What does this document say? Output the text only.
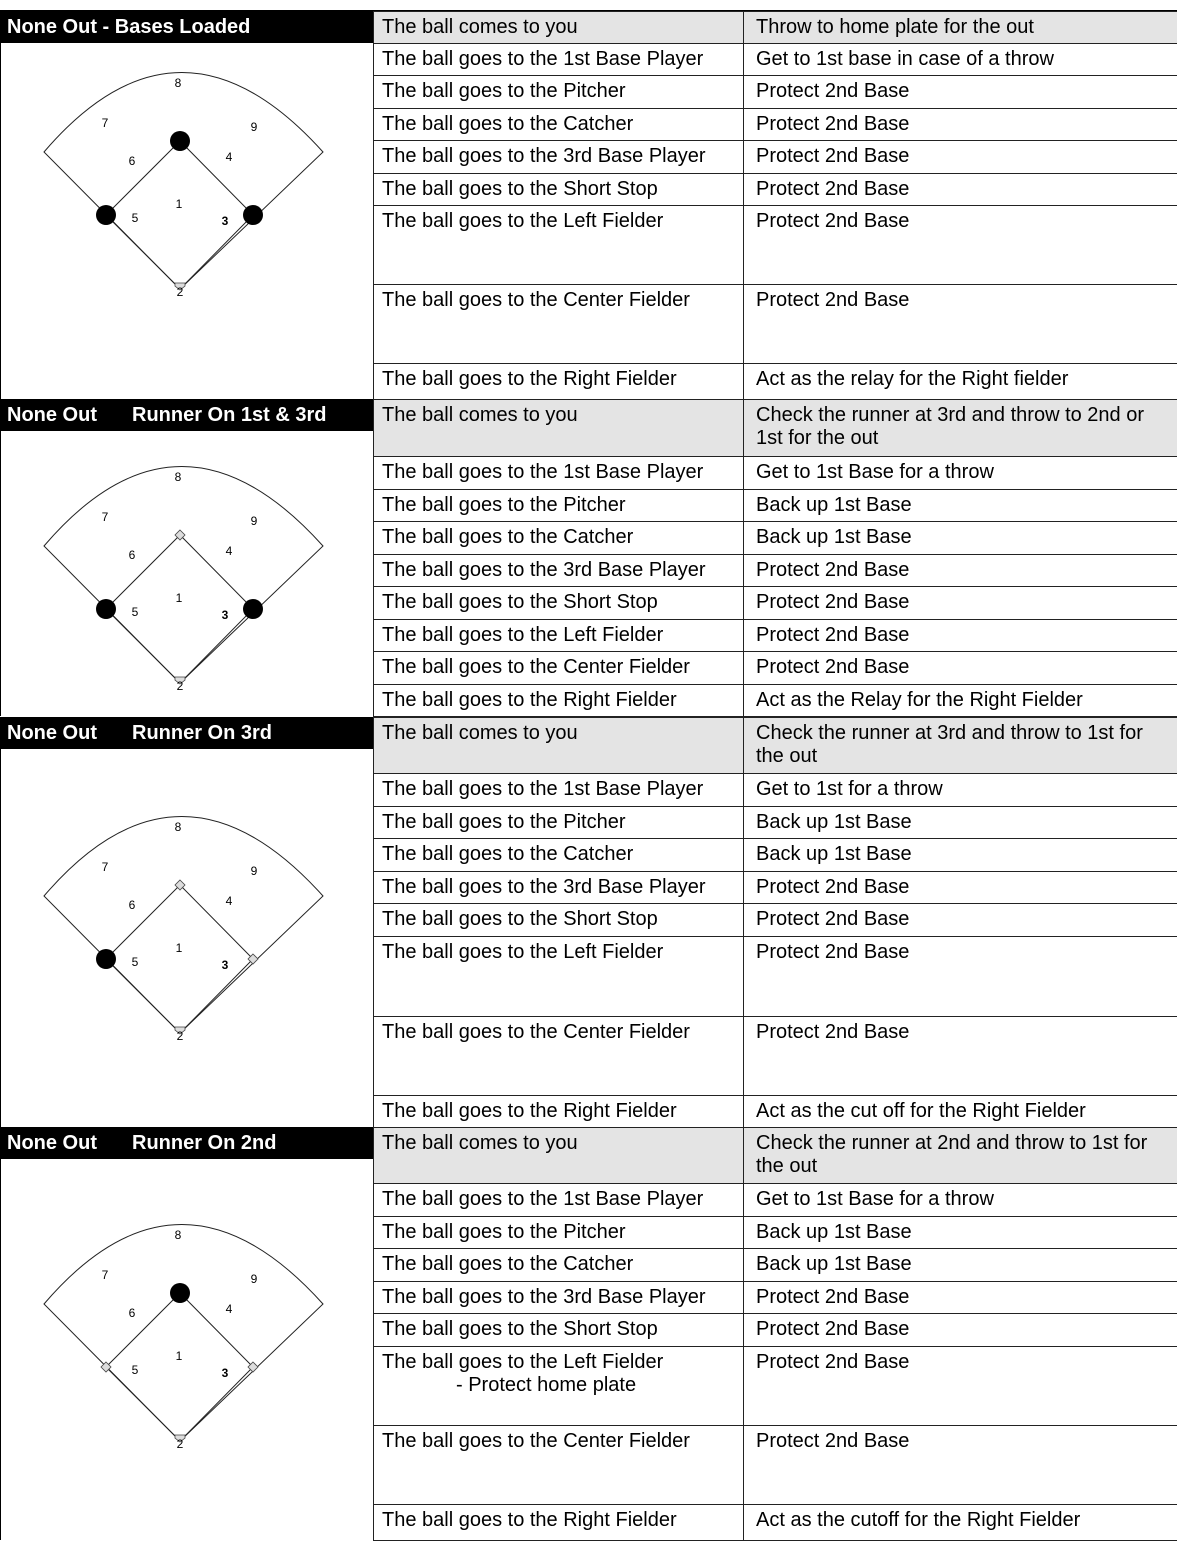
None Out - Bases Loaded
1
2
3
4
5
6
7
8
9
The ball comes to you	Throw to home plate for the out
The ball goes to the 1st Base Player	Get to 1st base in case of a throw
The ball goes to the Pitcher	Protect 2nd Base
The ball goes to the Catcher	Protect 2nd Base
The ball goes to the 3rd Base Player	Protect 2nd Base
The ball goes to the Short Stop	Protect 2nd Base
The ball goes to the Left Fielder	Protect 2nd Base
The ball goes to the Center Fielder	Protect 2nd Base
The ball goes to the Right Fielder	Act as the relay for the Right fielder
None Out Runner On 1st & 3rd
1
2
3
4
5
6
7
8
9
The ball comes to you	Check the runner at 3rd and throw to 2nd or 1st for the out
The ball goes to the 1st Base Player	Get to 1st Base for a throw
The ball goes to the Pitcher	Back up 1st Base
The ball goes to the Catcher	Back up 1st Base
The ball goes to the 3rd Base Player	Protect 2nd Base
The ball goes to the Short Stop	Protect 2nd Base
The ball goes to the Left Fielder	Protect 2nd Base
The ball goes to the Center Fielder	Protect 2nd Base
The ball goes to the Right Fielder	Act as the Relay for the Right Fielder
None Out Runner On 3rd
1
2
3
4
5
6
7
8
9
The ball comes to you	Check the runner at 3rd and throw to 1st for the out
The ball goes to the 1st Base Player	Get to 1st for a throw
The ball goes to the Pitcher	Back up 1st Base
The ball goes to the Catcher	Back up 1st Base
The ball goes to the 3rd Base Player	Protect 2nd Base
The ball goes to the Short Stop	Protect 2nd Base
The ball goes to the Left Fielder	Protect 2nd Base
The ball goes to the Center Fielder	Protect 2nd Base
The ball goes to the Right Fielder	Act as the cut off for the Right Fielder
None Out Runner On 2nd
1
2
3
4
5
6
7
8
9
The ball comes to you	Check the runner at 2nd and throw to 1st for the out
The ball goes to the 1st Base Player	Get to 1st Base for a throw
The ball goes to the Pitcher	Back up 1st Base
The ball goes to the Catcher	Back up 1st Base
The ball goes to the 3rd Base Player	Protect 2nd Base
The ball goes to the Short Stop	Protect 2nd Base
The ball goes to the Left Fielder
- Protect home plate	Protect 2nd Base
The ball goes to the Center Fielder	Protect 2nd Base
The ball goes to the Right Fielder	Act as the cutoff for the Right Fielder
